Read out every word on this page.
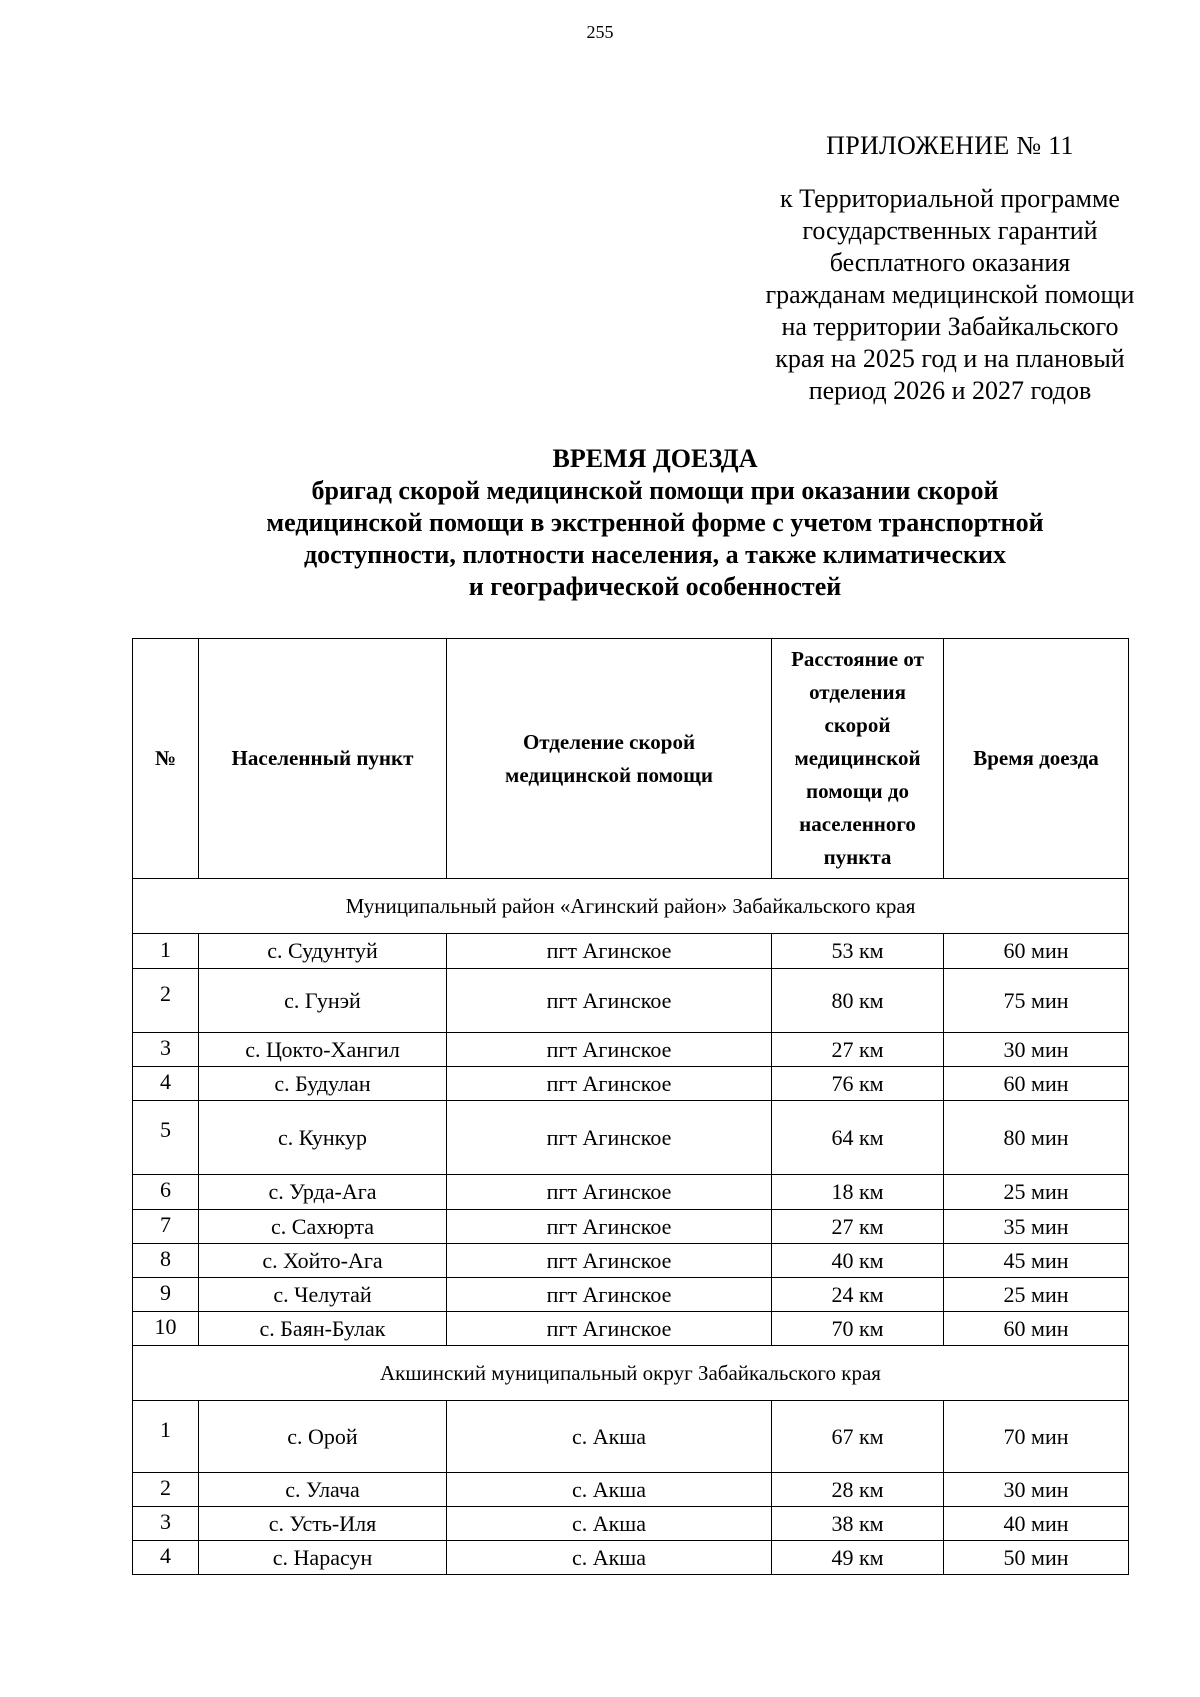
255
ПРИЛОЖЕНИЕ № 11
к Территориальной программе
государственных гарантий
бесплатного оказания
гражданам медицинской помощи
на территории Забайкальского
края на 2025 год и на плановый
период 2026 и 2027 годов
ВРЕМЯ ДОЕЗДА
бригад скорой медицинской помощи при оказании скорой
медицинской помощи в экстренной форме с учетом транспортной
доступности, плотности населения, а также климатических
и географической особенностей
№	Населенный пункт	Отделение скорой медицинской помощи	Расстояние от отделения скорой медицинской помощи до населенного пункта	Время доезда
Муниципальный район «Агинский район» Забайкальского края				
1	с. Судунтуй	пгт Агинское	53 км	60 мин
2	с. Гунэй	пгт Агинское	80 км	75 мин
3	с. Цокто-Хангил	пгт Агинское	27 км	30 мин
4	с. Будулан	пгт Агинское	76 км	60 мин
5	с. Кункур	пгт Агинское	64 км	80 мин
6	с. Урда-Ага	пгт Агинское	18 км	25 мин
7	с. Сахюрта	пгт Агинское	27 км	35 мин
8	с. Хойто-Ага	пгт Агинское	40 км	45 мин
9	с. Челутай	пгт Агинское	24 км	25 мин
10	с. Баян-Булак	пгт Агинское	70 км	60 мин
Акшинский муниципальный округ Забайкальского края				
1	с. Орой	с. Акша	67 км	70 мин
2	с. Улача	с. Акша	28 км	30 мин
3	с. Усть-Иля	с. Акша	38 км	40 мин
4	с. Нарасун	с. Акша	49 км	50 мин
